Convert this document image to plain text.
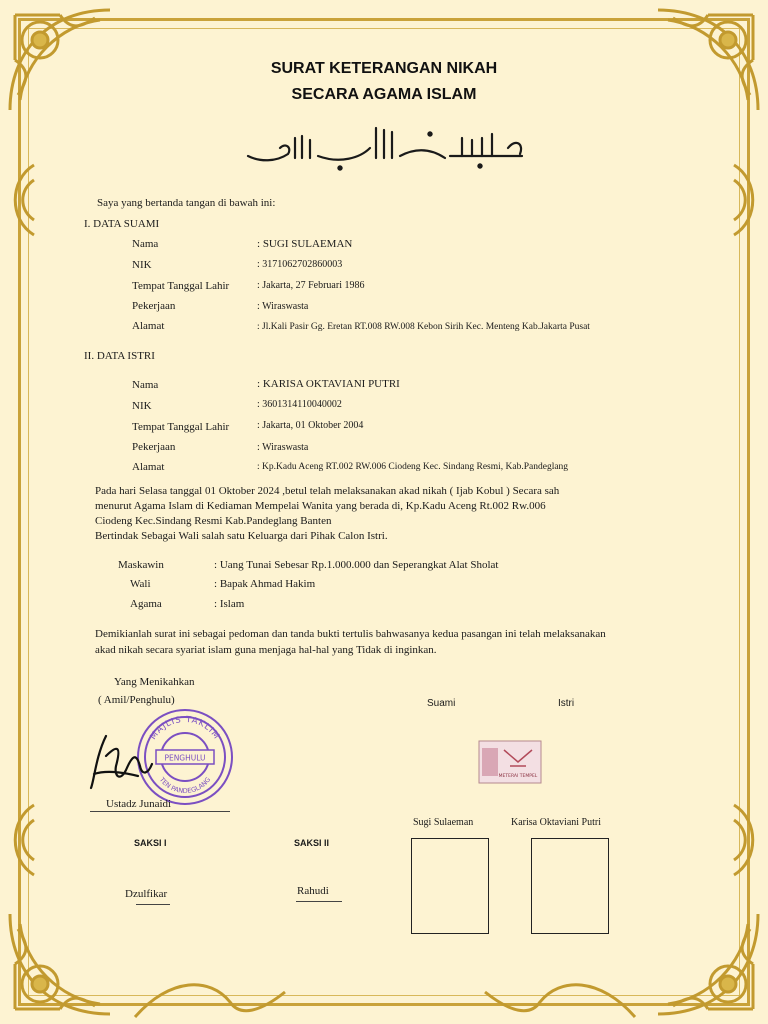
SURAT KETERANGAN NIKAH
SECARA AGAMA ISLAM
Saya yang bertanda tangan di bawah ini:
I. DATA SUAMI
Nama	: SUGI SULAEMAN
NIK	: 3171062702860003
Tempat Tanggal Lahir	: Jakarta, 27 Februari 1986
Pekerjaan	: Wiraswasta
Alamat	: Jl.Kali Pasir Gg. Eretan RT.008 RW.008 Kebon Sirih Kec. Menteng Kab.Jakarta Pusat
II. DATA ISTRI
Nama	: KARISA OKTAVIANI PUTRI
NIK	: 3601314110040002
Tempat Tanggal Lahir	: Jakarta, 01 Oktober 2004
Pekerjaan	: Wiraswasta
Alamat	: Kp.Kadu Aceng RT.002 RW.006 Ciodeng Kec. Sindang Resmi, Kab.Pandeglang
Pada hari Selasa tanggal 01 Oktober 2024 ,betul telah melaksanakan akad nikah ( Ijab Kobul ) Secara sah
menurut Agama Islam di Kediaman Mempelai Wanita yang berada di, Kp.Kadu Aceng Rt.002 Rw.006
Ciodeng Kec.Sindang Resmi Kab.Pandeglang Banten
Bertindak Sebagai Wali salah satu Keluarga dari Pihak Calon Istri.
Maskawin	: Uang Tunai Sebesar Rp.1.000.000 dan Seperangkat Alat Sholat
Wali	: Bapak Ahmad Hakim
Agama	: Islam
Demikianlah surat ini sebagai pedoman dan tanda bukti tertulis bahwasanya kedua pasangan ini telah melaksanakan
akad nikah secara syariat islam guna menjaga hal-hal yang Tidak di inginkan.
Yang Menikahkan
( Amil/Penghulu)
MAJLIS TAKLIM
PENGHULU
TEN PANDEGLANG
Ustadz Junaidi
Suami	Istri
METERAI TEMPEL
Sugi Sulaeman	Karisa Oktaviani Putri
SAKSI I	SAKSI II
Dzulfikar	Rahudi
